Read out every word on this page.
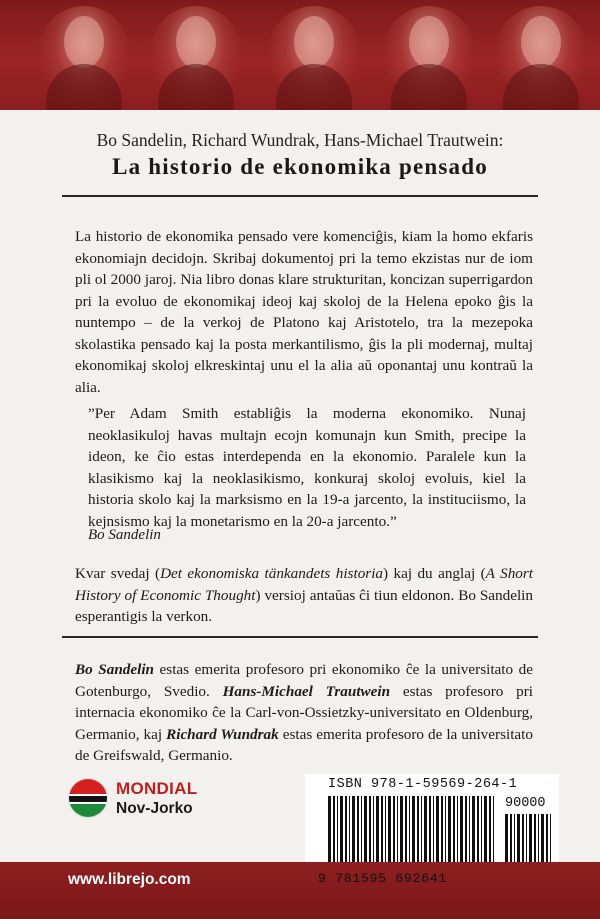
Bo Sandelin, Richard Wundrak, Hans-Michael Trautwein:
La historio de ekonomika pensado

La historio de ekonomika pensado vere komenciĝis, kiam la homo ekfaris ekonomiajn decidojn. Skribaj dokumentoj pri la temo ekzistas nur de iom pli ol 2000 jaroj. Nia libro donas klare strukturitan, koncizan superrigardon pri la evoluo de ekonomikaj ideoj kaj skoloj de la Helena epoko ĝis la nuntempo – de la verkoj de Platono kaj Aristotelo, tra la mezepoka skolastika pensado kaj la posta merkantilismo, ĝis la pli modernaj, multaj ekonomikaj skoloj elkreskintaj unu el la alia aŭ oponantaj unu kontraŭ la alia.

”Per Adam Smith establiĝis la moderna ekonomiko. Nunaj neoklasikuloj havas multajn ecojn komunajn kun Smith, precipe la ideon, ke ĉio estas interdependa en la ekonomio. Paralele kun la klasikismo kaj la neoklasikismo, konkuraj skoloj evoluis, kiel la historia skolo kaj la marksismo en la 19-a jarcento, la instituciismo, la kejnsismo kaj la monetarismo en la 20-a jarcento.”

Bo Sandelin

Kvar svedaj (Det ekonomiska tänkandets historia) kaj du anglaj (A Short History of Economic Thought) versioj antaŭas ĉi tiun eldonon. Bo Sandelin esperantigis la verkon.

Bo Sandelin estas emerita profesoro pri ekonomiko ĉe la universitato de Gotenburgo, Svedio. Hans-Michael Trautwein estas profesoro pri internacia ekonomiko ĉe la Carl-von-Ossietzky-universitato en Oldenburg, Germanio, kaj Richard Wundrak estas emerita profesoro de la universitato de Greifswald, Germanio.

MONDIAL
Nov-Jorko
ISBN 978-1-59569-264-1
90000
9 781595 692641
www.librejo.com
